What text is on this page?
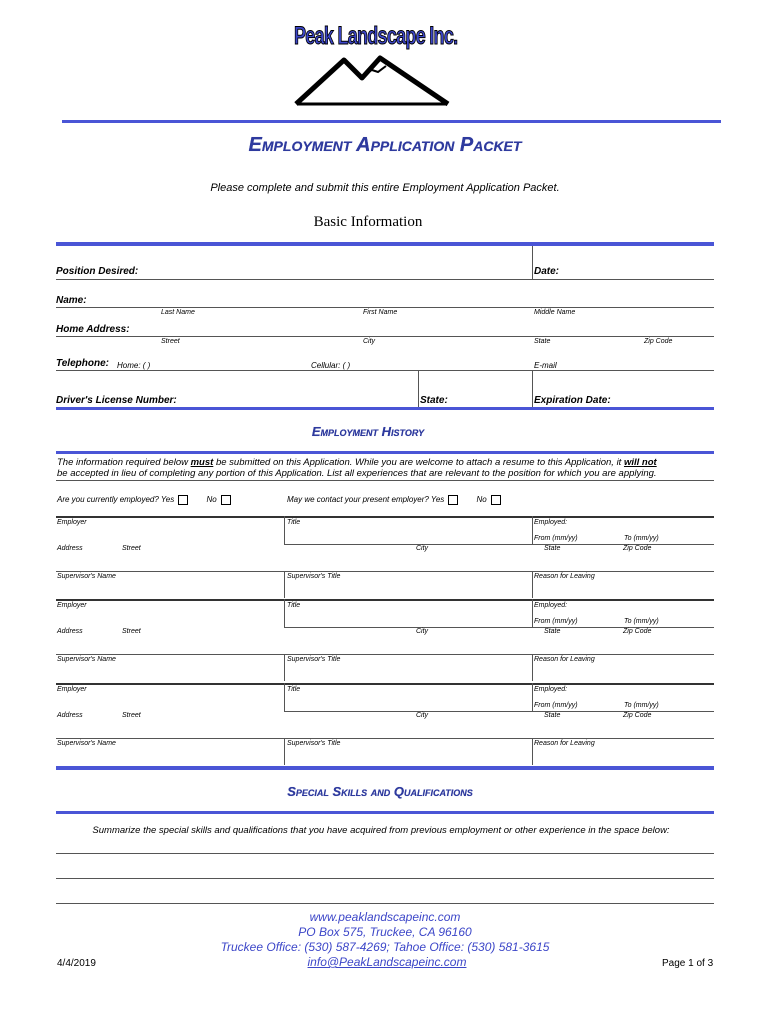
Peak Landscape Inc.
Employment Application Packet
Please complete and submit this entire Employment Application Packet.
Basic Information
Position Desired:	Date:
Name:
Last Name	First Name	Middle Name
Home Address:
Street	City	State	Zip Code
Telephone: Home: ( )	Cellular: ( )	E-mail
Driver's License Number:	State:	Expiration Date:
Employment History
The information required below must be submitted on this Application. While you are welcome to attach a resume to this Application, it will not
be accepted in lieu of completing any portion of this Application. List all experiences that are relevant to the position for which you are applying.
Are you currently employed? Yes	No	May we contact your present employer? Yes	No
Employer	Title	Employed:
From (mm/yy)	To (mm/yy)
Address	Street	City	State	Zip Code
Supervisor's Name	Supervisor's Title	Reason for Leaving
Employer	Title	Employed:
From (mm/yy)	To (mm/yy)
Address	Street	City	State	Zip Code
Supervisor's Name	Supervisor's Title	Reason for Leaving
Employer	Title	Employed:
From (mm/yy)	To (mm/yy)
Address	Street	City	State	Zip Code
Supervisor's Name	Supervisor's Title	Reason for Leaving
Special Skills and Qualifications
Summarize the special skills and qualifications that you have acquired from previous employment or other experience in the space below:
www.peaklandscapeinc.com
PO Box 575, Truckee, CA 96160
Truckee Office: (530) 587-4269; Tahoe Office: (530) 581-3615
info@PeakLandscapeinc.com
4/4/2019	Page 1 of 3
